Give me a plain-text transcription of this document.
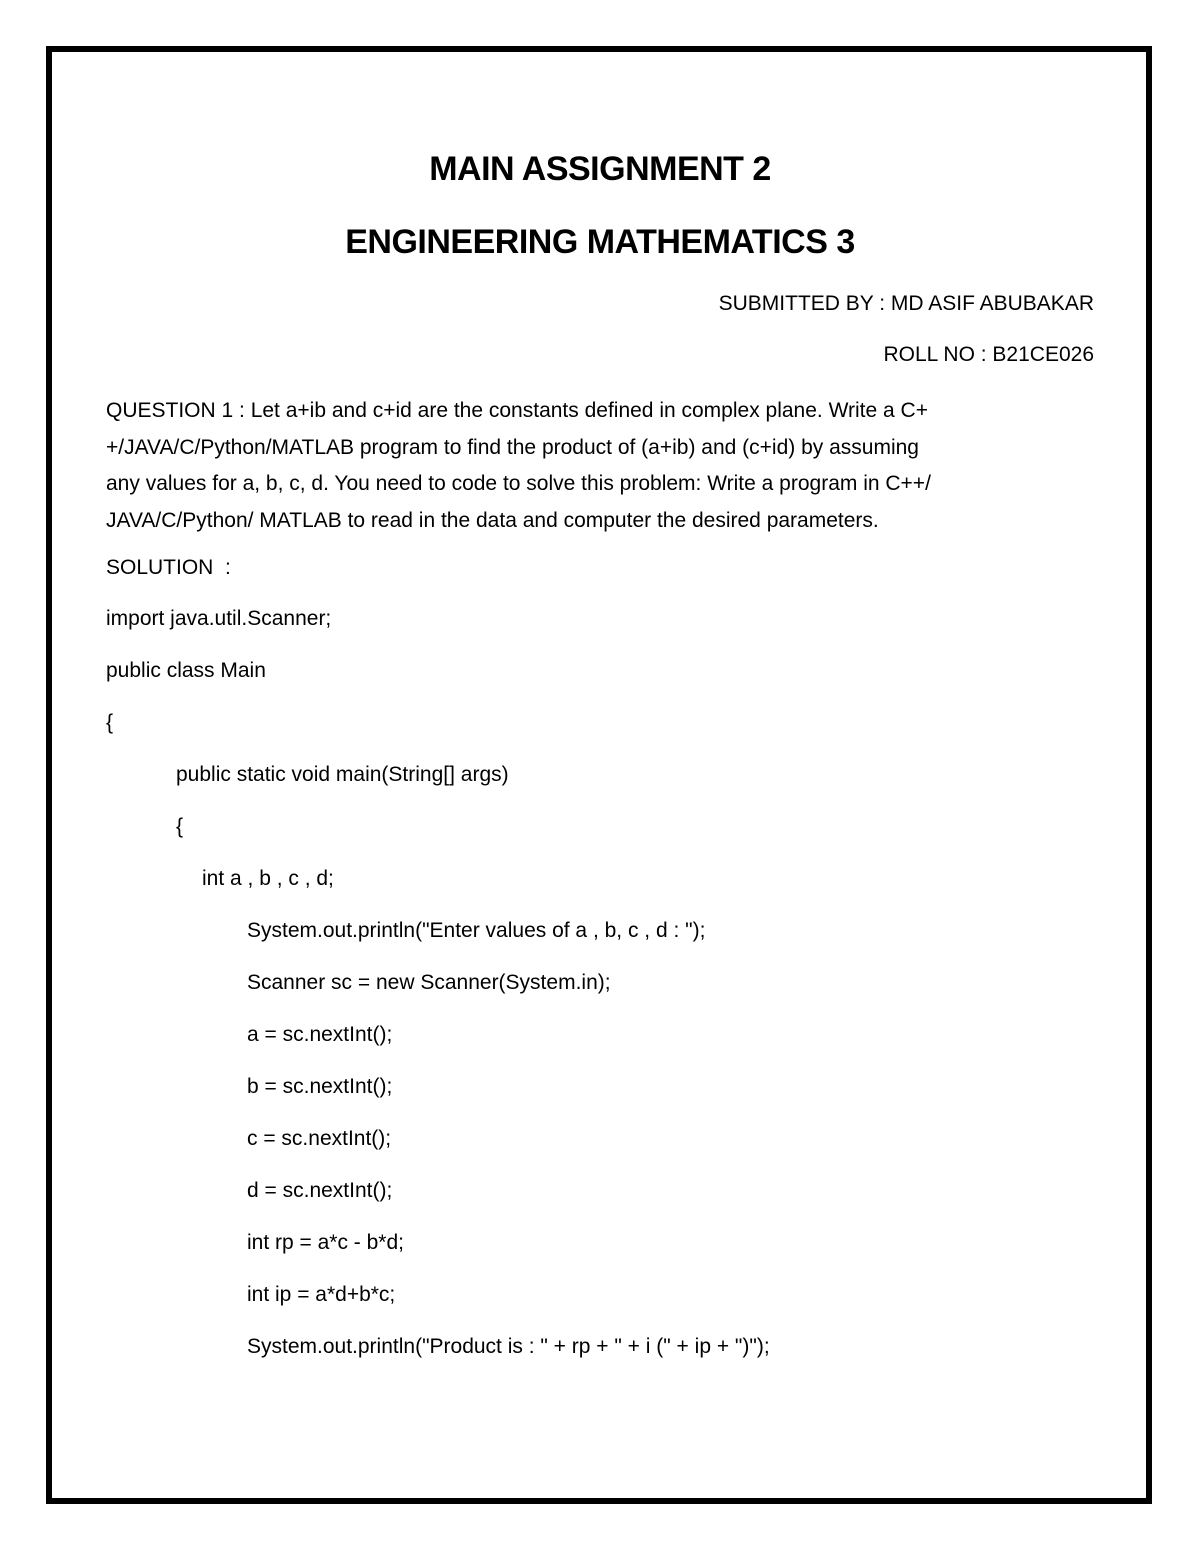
MAIN ASSIGNMENT 2
ENGINEERING MATHEMATICS 3
SUBMITTED BY : MD ASIF ABUBAKAR
ROLL NO : B21CE026
QUESTION 1 : Let a+ib and c+id are the constants defined in complex plane. Write a C+
+/JAVA/C/Python/MATLAB program to find the product of (a+ib) and (c+id) by assuming
any values for a, b, c, d. You need to code to solve this problem: Write a program in C++/
JAVA/C/Python/ MATLAB to read in the data and computer the desired parameters.
SOLUTION  :
import java.util.Scanner;
public class Main
{
public static void main(String[] args)
{
int a , b , c , d;
System.out.println("Enter values of a , b, c , d : ");
Scanner sc = new Scanner(System.in);
a = sc.nextInt();
b = sc.nextInt();
c = sc.nextInt();
d = sc.nextInt();
int rp = a*c - b*d;
int ip = a*d+b*c;
System.out.println("Product is : " + rp + " + i (" + ip + ")");
